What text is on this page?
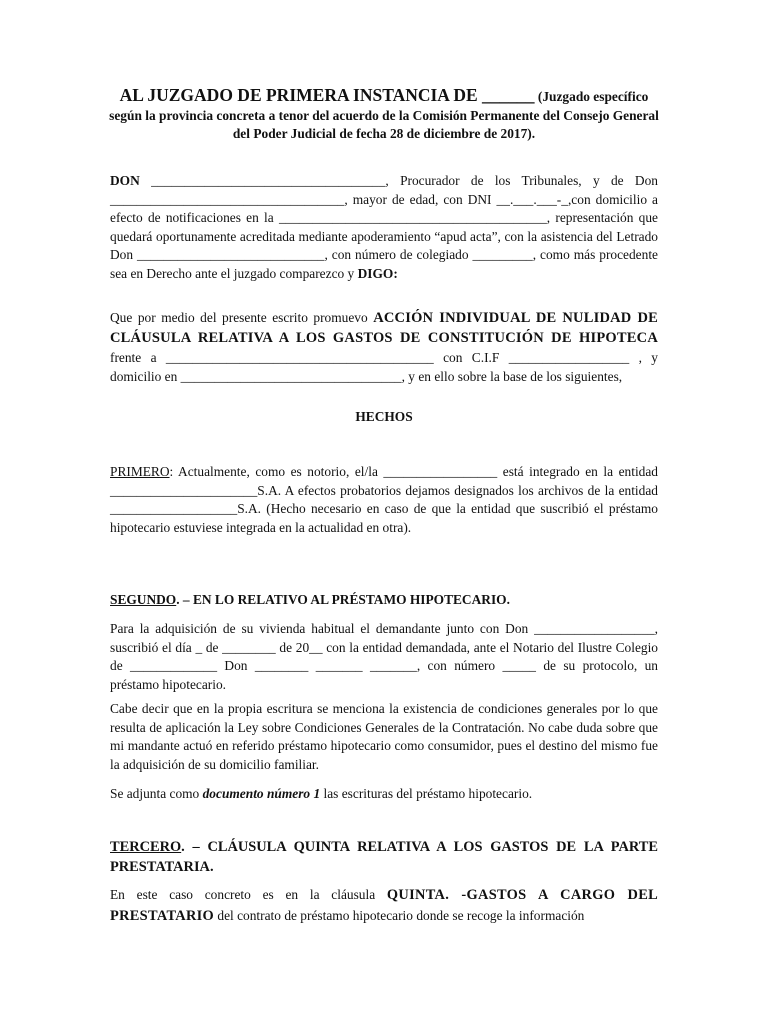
AL JUZGADO DE PRIMERA INSTANCIA DE ______ (Juzgado específico según la provincia concreta a tenor del acuerdo de la Comisión Permanente del Consejo General del Poder Judicial de fecha 28 de diciembre de 2017).
DON ___________________________________, Procurador de los Tribunales, y de Don ___________________________________, mayor de edad, con DNI __.___.___-_,con domicilio a efecto de notificaciones en la ________________________________________, representación que quedará oportunamente acreditada mediante apoderamiento “apud acta”, con la asistencia del Letrado Don ____________________________, con número de colegiado _________, como más procedente sea en Derecho ante el juzgado comparezco y DIGO:
Que por medio del presente escrito promuevo ACCIÓN INDIVIDUAL DE NULIDAD DE CLÁUSULA RELATIVA A LOS GASTOS DE CONSTITUCIÓN DE HIPOTECA frente a ________________________________________ con C.I.F __________________ , y domicilio en _________________________________, y en ello sobre la base de los siguientes,
HECHOS
PRIMERO: Actualmente, como es notorio, el/la _________________ está integrado en la entidad ______________________S.A. A efectos probatorios dejamos designados los archivos de la entidad ___________________S.A. (Hecho necesario en caso de que la entidad que suscribió el préstamo hipotecario estuviese integrada en la actualidad en otra).
SEGUNDO. – EN LO RELATIVO AL PRÉSTAMO HIPOTECARIO.
Para la adquisición de su vivienda habitual el demandante junto con Don __________________, suscribió el día _ de ________ de 20__ con la entidad demandada, ante el Notario del Ilustre Colegio de _____________ Don ________ _______ _______, con número _____ de su protocolo, un préstamo hipotecario.
Cabe decir que en la propia escritura se menciona la existencia de condiciones generales por lo que resulta de aplicación la Ley sobre Condiciones Generales de la Contratación. No cabe duda sobre que mi mandante actuó en referido préstamo hipotecario como consumidor, pues el destino del mismo fue la adquisición de su domicilio familiar.
Se adjunta como documento número 1 las escrituras del préstamo hipotecario.
TERCERO. – CLÁUSULA QUINTA RELATIVA A LOS GASTOS DE LA PARTE PRESTATARIA.
En este caso concreto es en la cláusula QUINTA. -GASTOS A CARGO DEL PRESTATARIO del contrato de préstamo hipotecario donde se recoge la información
